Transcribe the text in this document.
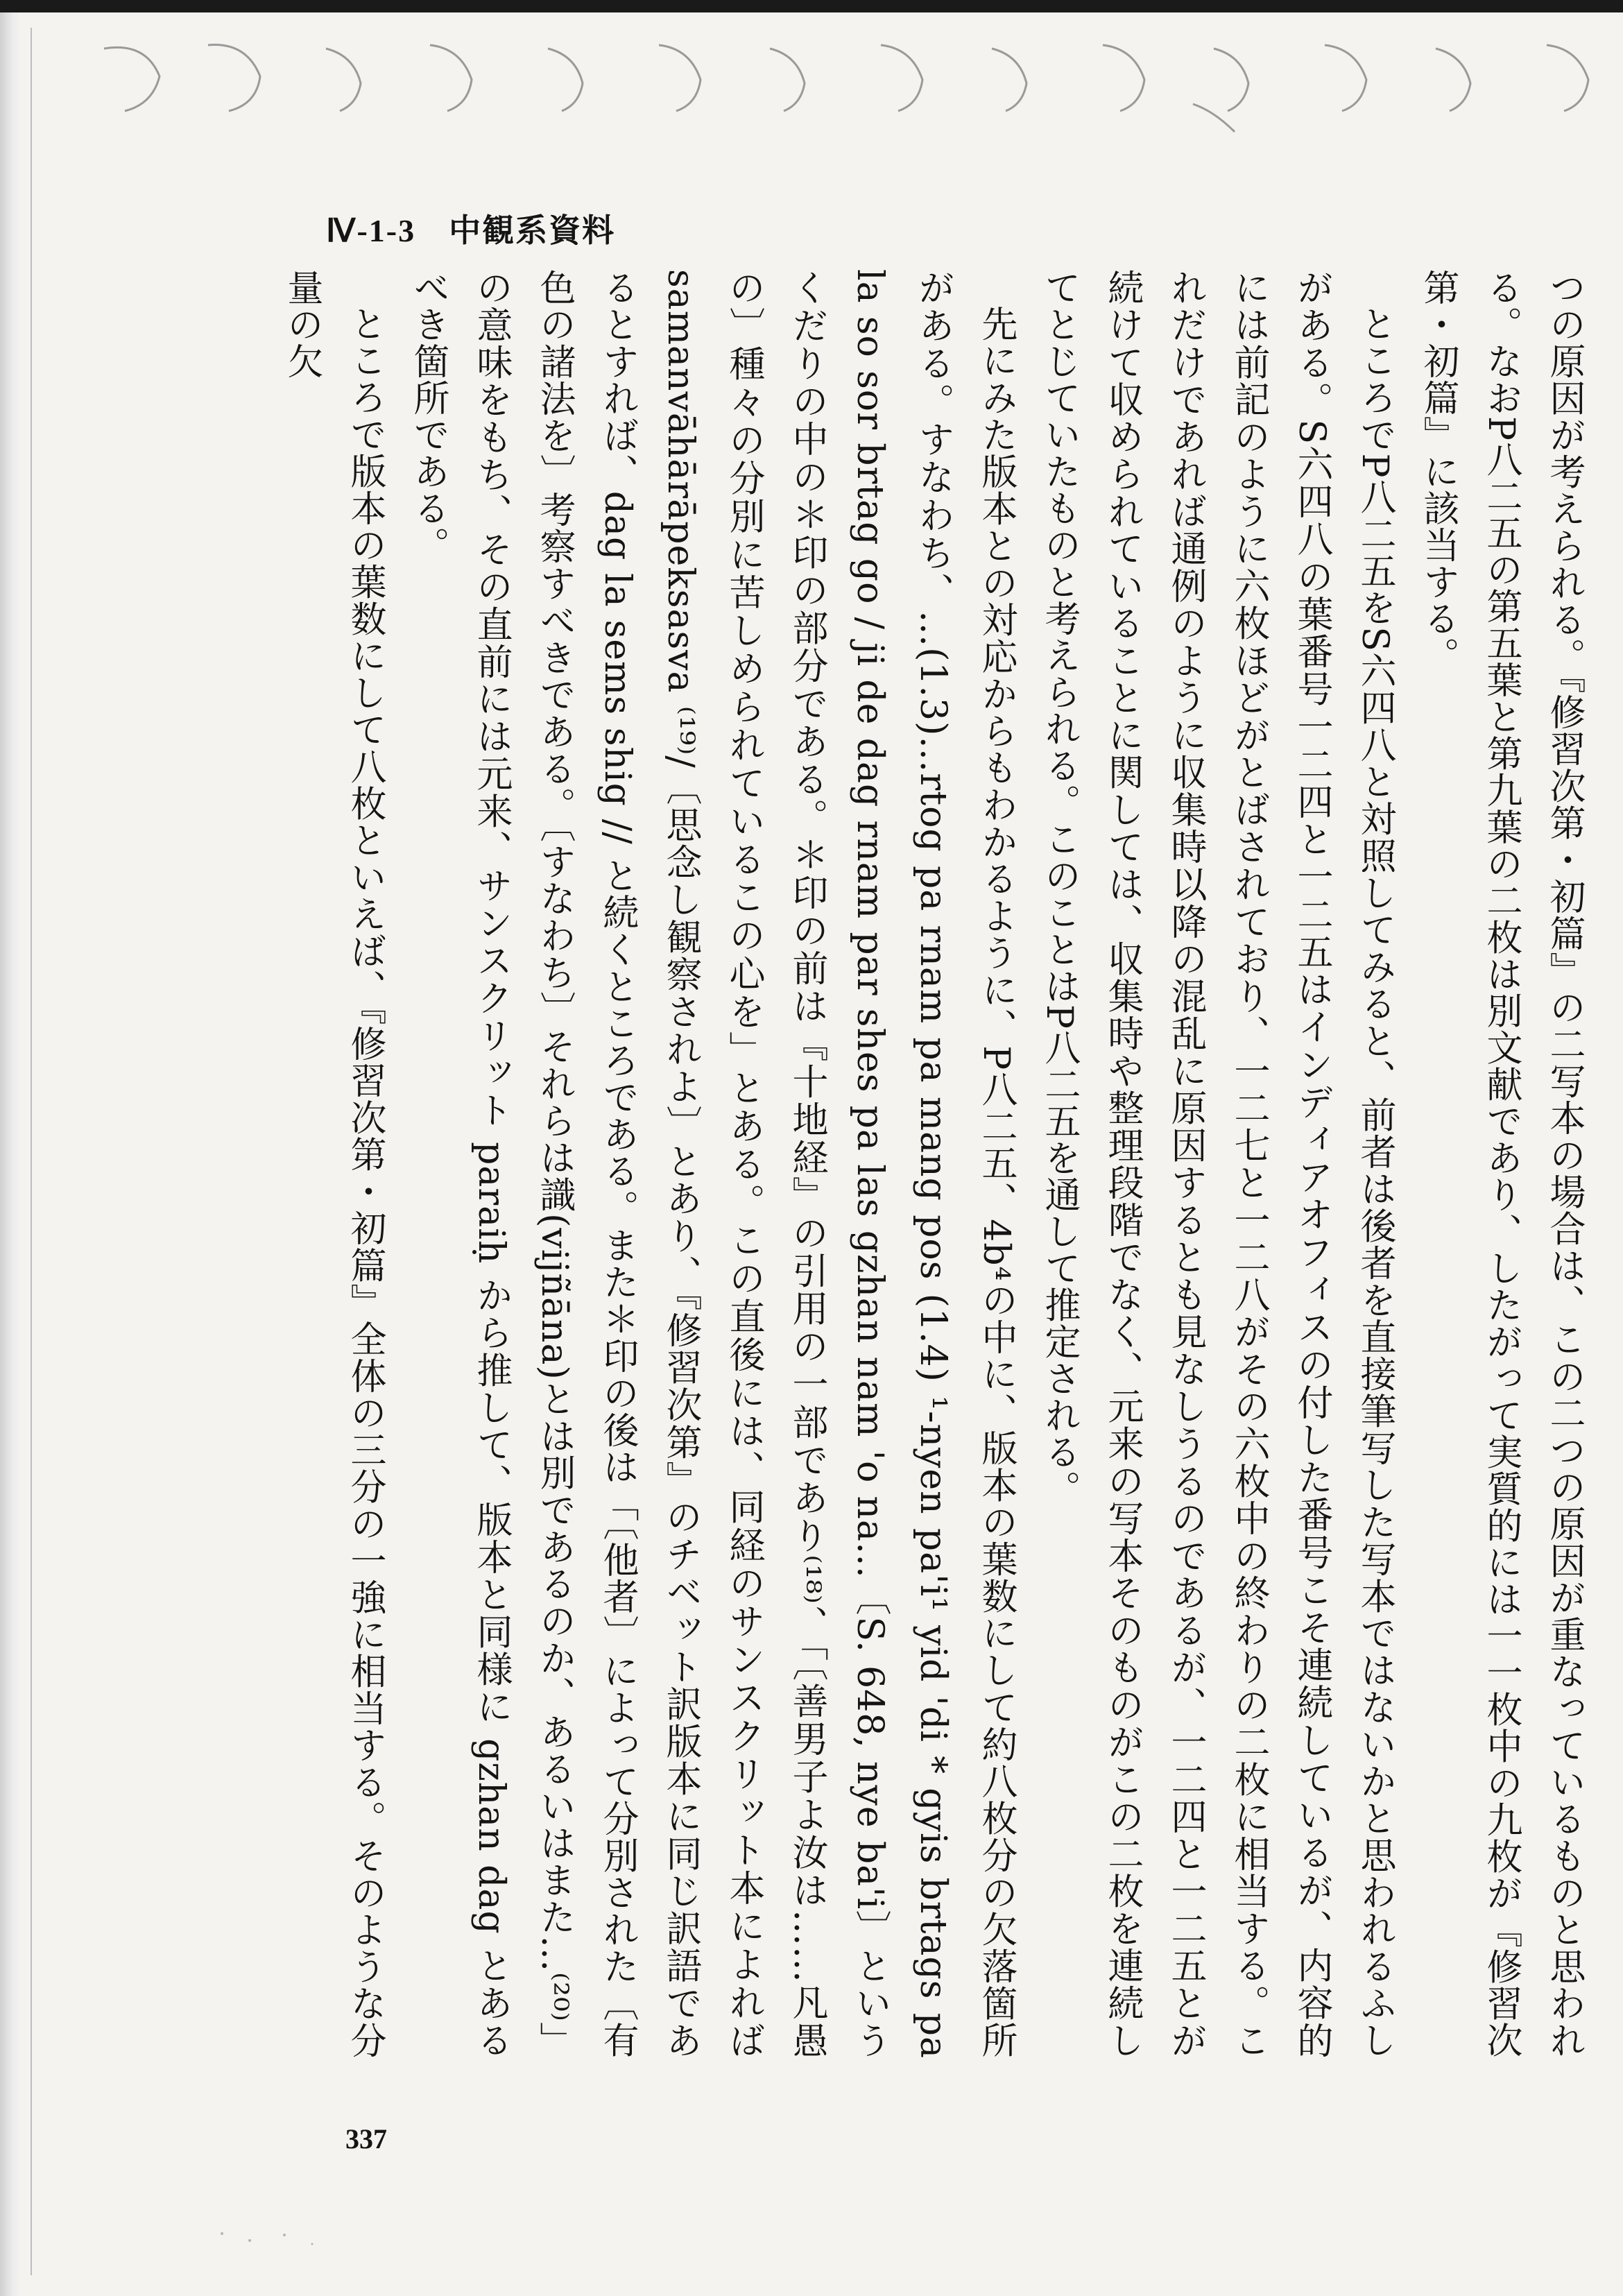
Ⅳ-1-3 中観系資料

つの原因が考えられる。『修習次第・初篇』の二写本の場合は、この二つの原因が重なっているものと思われる。なおP八二五の第五葉と第九葉の二枚は別文献であり、したがって実質的には一一枚中の九枚が『修習次第・初篇』に該当する。

ところでP八二五をS六四八と対照してみると、前者は後者を直接筆写した写本ではないかと思われるふしがある。S六四八の葉番号一二四と一二五はインディアオフィスの付した番号こそ連続しているが、内容的には前記のように六枚ほどがとばされており、一二七と一二八がその六枚中の終わりの二枚に相当する。これだけであれば通例のように収集時以降の混乱に原因するとも見なしうるのであるが、一二四と一二五とが続けて収められていることに関しては、収集時や整理段階でなく、元来の写本そのものがこの二枚を連続してとじていたものと考えられる。このことはP八二五を通して推定される。

先にみた版本との対応からもわかるように、P八二五、4b⁴の中に、版本の葉数にして約八枚分の欠落箇所がある。すなわち、…(1.3)…rtog pa rnam pa mang pos (1.4) ¹-nyen pa'i¹ yid 'di * gyis brtags pa la so sor brtag go / ji de dag rnam par shes pa las gzhan nam 'o na…〔S. 648, nye ba'i〕というくだりの中の＊印の部分である。＊印の前は『十地経』の引用の一部であり⁽¹⁸⁾、「〔善男子よ汝は……凡愚の〕種々の分別に苦しめられているこの心を」とある。この直後には、同経のサンスクリット本によれば samanvāhārāpeksasva ⁽¹⁹⁾/〔思念し観察されよ〕とあり、『修習次第』のチベット訳版本に同じ訳語であるとすれば、dag la sems shig // と続くところである。また＊印の後は「〔他者〕によって分別された〔有色の諸法を〕考察すべきである。〔すなわち〕それらは識(vijñāna)とは別であるのか、あるいはまた…⁽²⁰⁾」の意味をもち、その直前には元来、サンスクリット paraiḥ から推して、版本と同様に gzhan dag とあるべき箇所である。

ところで版本の葉数にして八枚といえば、『修習次第・初篇』全体の三分の一強に相当する。そのような分量の欠

337
